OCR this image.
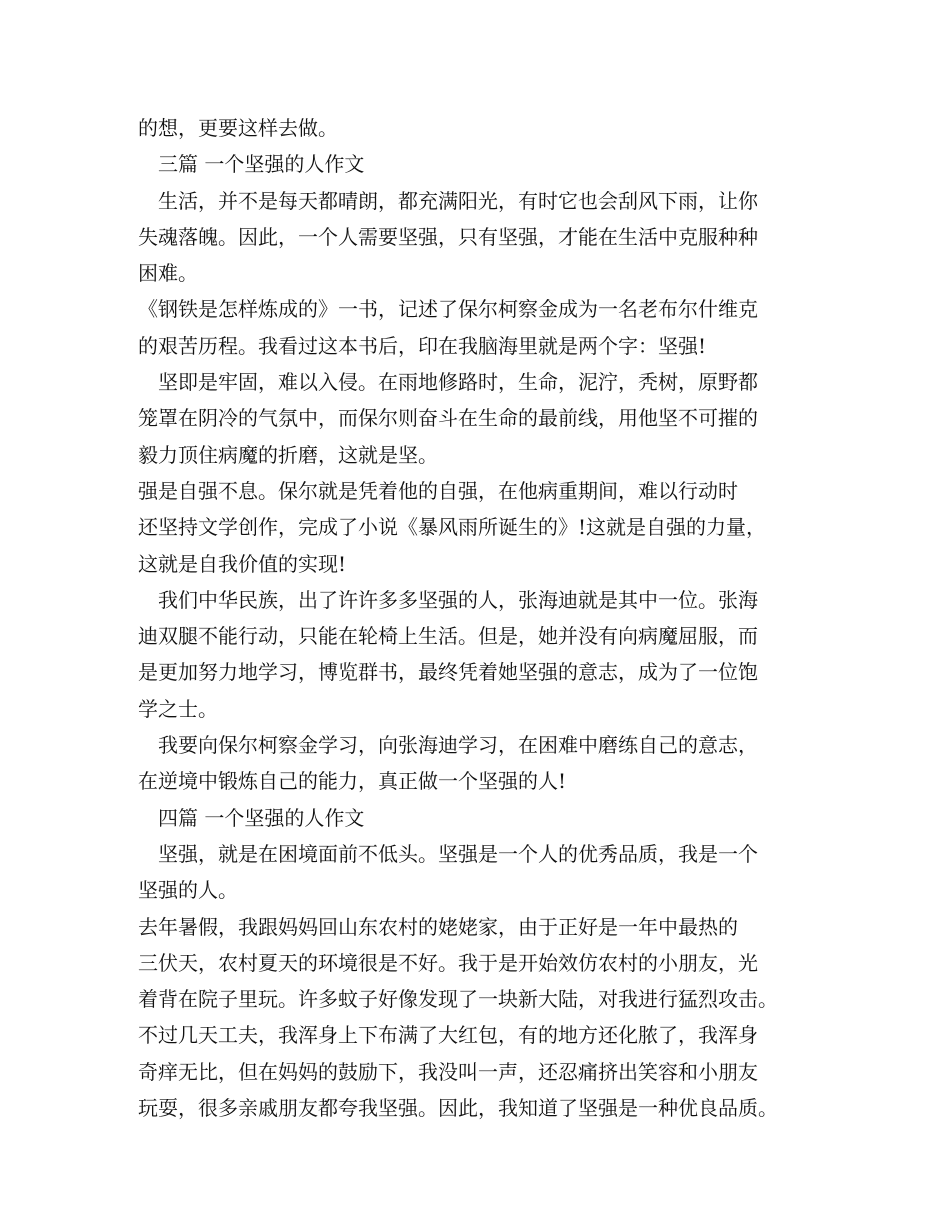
的想，更要这样去做。
　三篇 一个坚强的人作文
　生活，并不是每天都晴朗，都充满阳光，有时它也会刮风下雨，让你
失魂落魄。因此，一个人需要坚强，只有坚强，才能在生活中克服种种
困难。
《钢铁是怎样炼成的》一书，记述了保尔柯察金成为一名老布尔什维克
的艰苦历程。我看过这本书后，印在我脑海里就是两个字：坚强!
　坚即是牢固，难以入侵。在雨地修路时，生命，泥泞，秃树，原野都
笼罩在阴冷的气氛中，而保尔则奋斗在生命的最前线，用他坚不可摧的
毅力顶住病魔的折磨，这就是坚。
强是自强不息。保尔就是凭着他的自强，在他病重期间，难以行动时
还坚持文学创作，完成了小说《暴风雨所诞生的》!这就是自强的力量，
这就是自我价值的实现!
　我们中华民族，出了许许多多坚强的人，张海迪就是其中一位。张海
迪双腿不能行动，只能在轮椅上生活。但是，她并没有向病魔屈服，而
是更加努力地学习，博览群书，最终凭着她坚强的意志，成为了一位饱
学之士。
　我要向保尔柯察金学习，向张海迪学习，在困难中磨练自己的意志，
在逆境中锻炼自己的能力，真正做一个坚强的人!
　四篇 一个坚强的人作文
　坚强，就是在困境面前不低头。坚强是一个人的优秀品质，我是一个
坚强的人。
去年暑假，我跟妈妈回山东农村的姥姥家，由于正好是一年中最热的
三伏天，农村夏天的环境很是不好。我于是开始效仿农村的小朋友，光
着背在院子里玩。许多蚊子好像发现了一块新大陆，对我进行猛烈攻击。
不过几天工夫，我浑身上下布满了大红包，有的地方还化脓了，我浑身
奇痒无比，但在妈妈的鼓励下，我没叫一声，还忍痛挤出笑容和小朋友
玩耍，很多亲戚朋友都夸我坚强。因此，我知道了坚强是一种优良品质。
